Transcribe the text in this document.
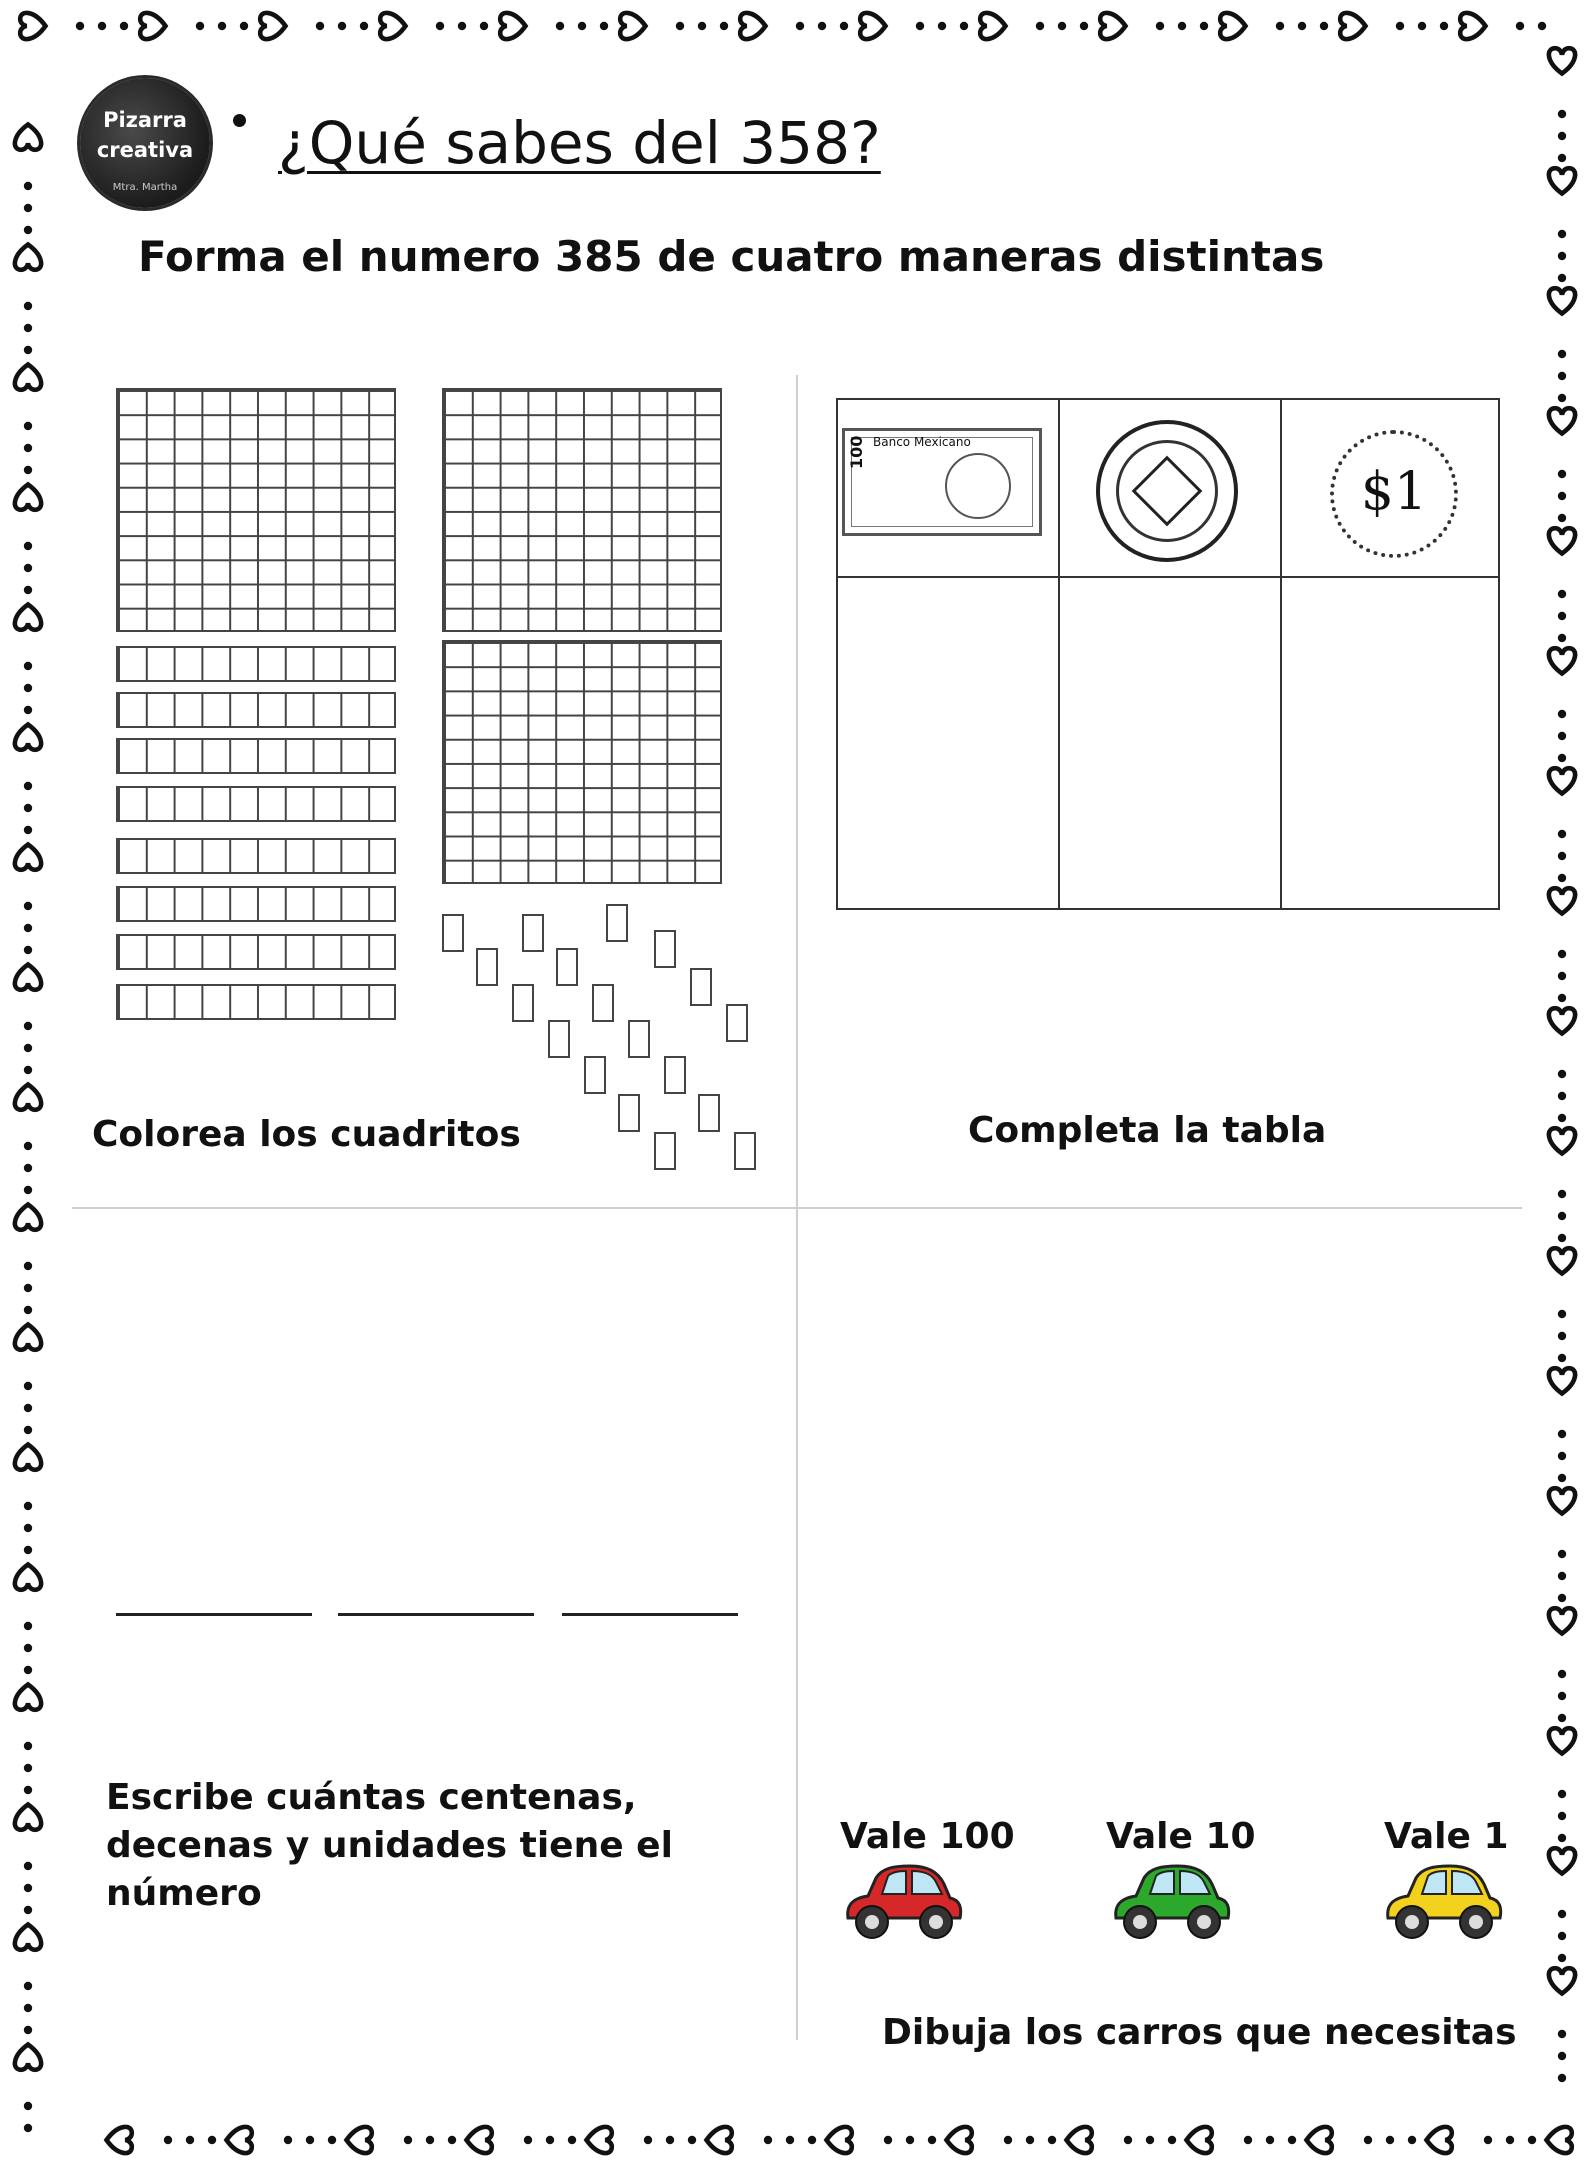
Pizarra
creativa
Mtra. Martha
¿Qué sabes del 358?
Forma el numero 385 de cuatro maneras distintas
Colorea los cuadritos
Banco Mexicano
100
$1
Completa la tabla
Escribe cuántas centenas, decenas y unidades tiene el número
Vale 100	Vale 10	Vale 1
Dibuja los carros que necesitas
